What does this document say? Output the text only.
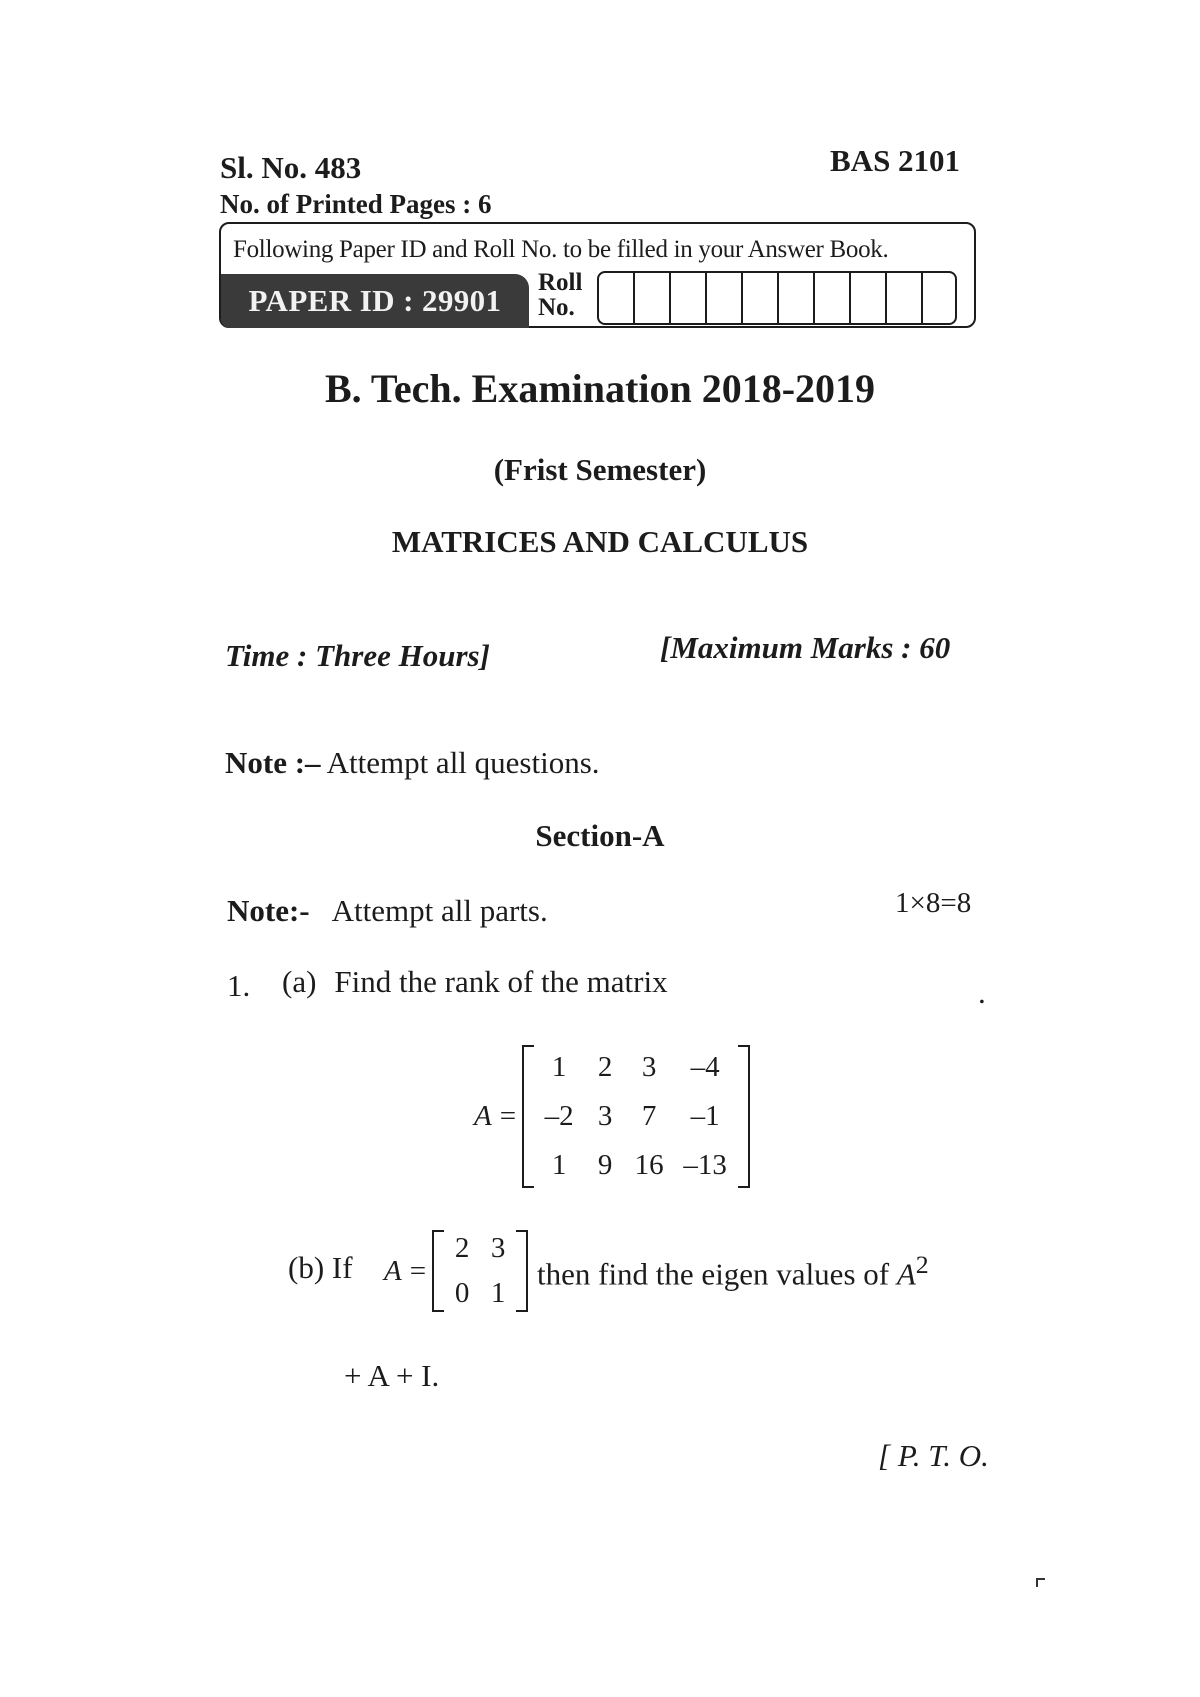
Sl. No. 483	BAS 2101
No. of Printed Pages : 6
Following Paper ID and Roll No. to be filled in your Answer Book.
PAPER ID : 29901
Roll
No.
B. Tech. Examination 2018-2019
(Frist Semester)
MATRICES AND CALCULUS
Time : Three Hours]	[Maximum Marks : 60
Note :– Attempt all questions.
Section-A
Note:- Attempt all parts.	1×8=8
1. (a) Find the rank of the matrix	.
A =
1	2	3	–4
–2 3	7	–1
1	9 16 –13
(b) If A =
2 3
0 1
then find the eigen values of $A^2$
+ A + I.
[ P. T. O.
